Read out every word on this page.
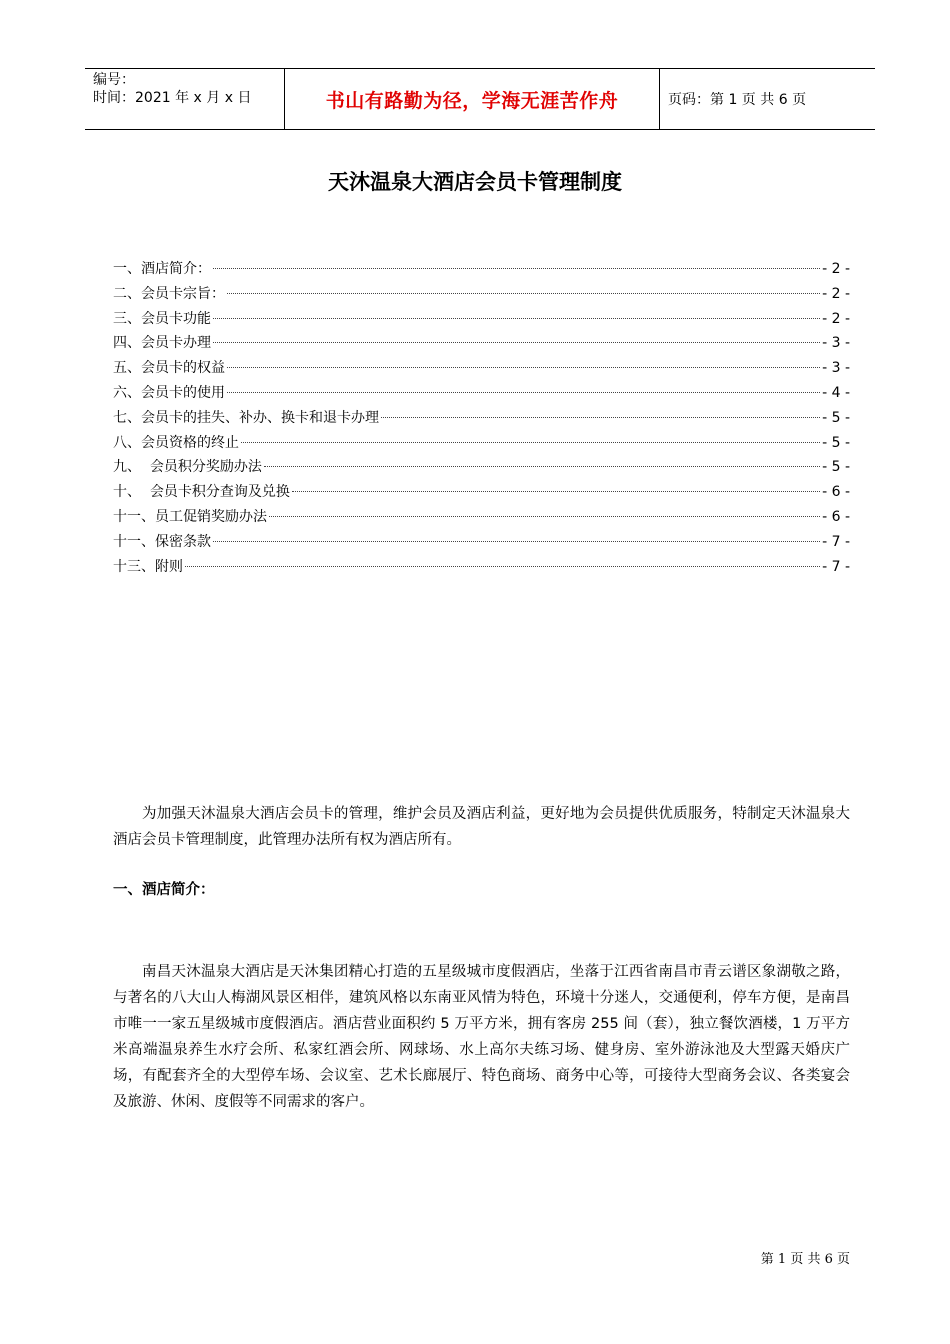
编号：
时间：2021 年 x 月 x 日	书山有路勤为径，学海无涯苦作舟	页码：第 1 页 共 6 页
天沐温泉大酒店会员卡管理制度
一、酒店简介：	- 2 -
二、会员卡宗旨：	- 2 -
三、会员卡功能	- 2 -
四、会员卡办理	- 3 -
五、会员卡的权益	- 3 -
六、会员卡的使用	- 4 -
七、会员卡的挂失、补办、换卡和退卡办理	- 5 -
八、会员资格的终止	- 5 -
九、  会员积分奖励办法	- 5 -
十、  会员卡积分查询及兑换	- 6 -
十一、员工促销奖励办法	- 6 -
十一、保密条款	- 7 -
十三、附则	- 7 -
为加强天沐温泉大酒店会员卡的管理，维护会员及酒店利益，更好地为会员提供优质服务，特制定天沐温泉大酒店会员卡管理制度，此管理办法所有权为酒店所有。
一、酒店简介：
南昌天沐温泉大酒店是天沐集团精心打造的五星级城市度假酒店，坐落于江西省南昌市青云谱区象湖敬之路，与著名的八大山人梅湖风景区相伴，建筑风格以东南亚风情为特色，环境十分迷人，交通便利，停车方便，是南昌市唯一一家五星级城市度假酒店。酒店营业面积约 5 万平方米，拥有客房 255 间（套），独立餐饮酒楼，1 万平方米高端温泉养生水疗会所、私家红酒会所、网球场、水上高尔夫练习场、健身房、室外游泳池及大型露天婚庆广场，有配套齐全的大型停车场、会议室、艺术长廊展厅、特色商场、商务中心等，可接待大型商务会议、各类宴会及旅游、休闲、度假等不同需求的客户。
第 1 页 共 6 页
